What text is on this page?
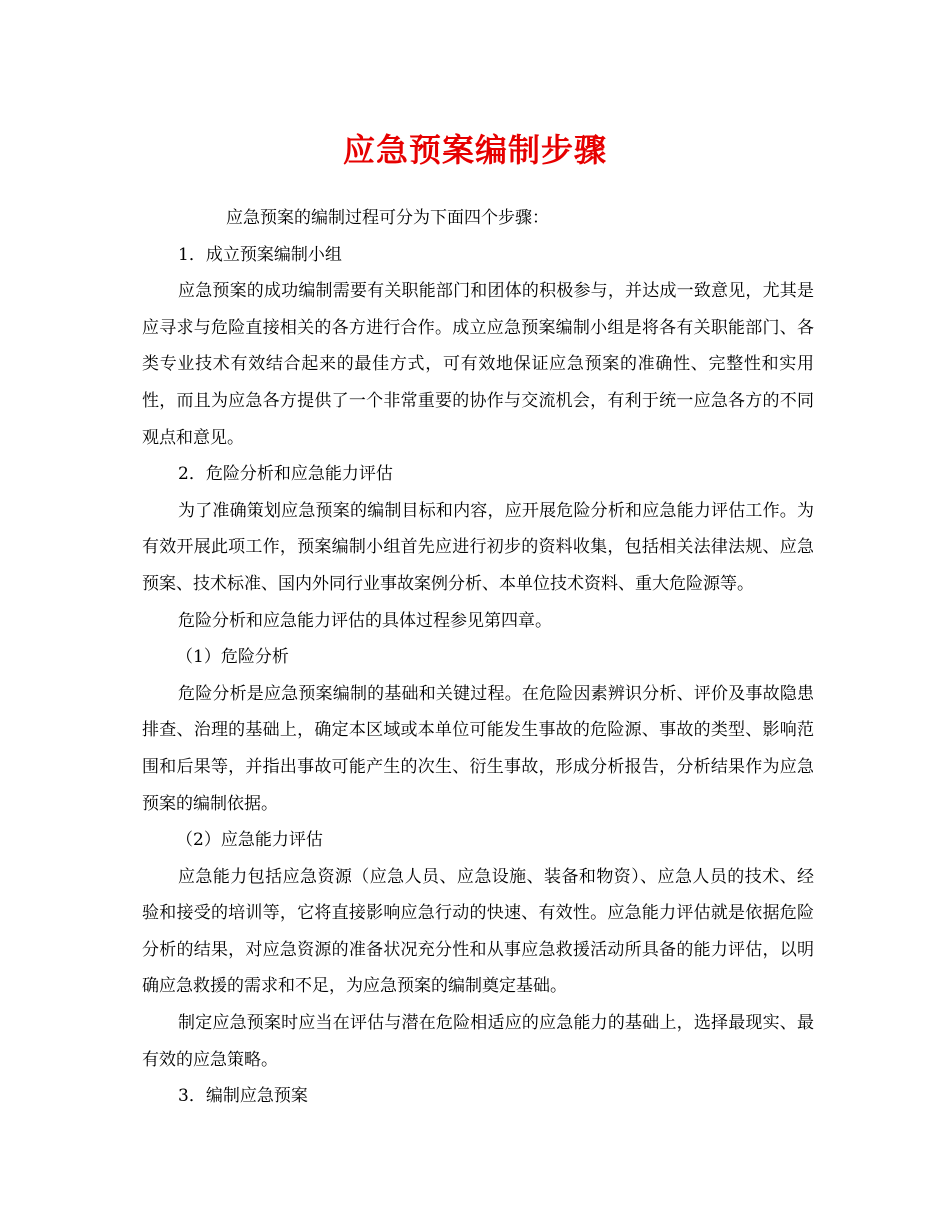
应急预案编制步骤

应急预案的编制过程可分为下面四个步骤：

1．成立预案编制小组

应急预案的成功编制需要有关职能部门和团体的积极参与，并达成一致意见，尤其是应寻求与危险直接相关的各方进行合作。成立应急预案编制小组是将各有关职能部门、各类专业技术有效结合起来的最佳方式，可有效地保证应急预案的准确性、完整性和实用性，而且为应急各方提供了一个非常重要的协作与交流机会，有利于统一应急各方的不同观点和意见。

2．危险分析和应急能力评估

为了准确策划应急预案的编制目标和内容，应开展危险分析和应急能力评估工作。为有效开展此项工作，预案编制小组首先应进行初步的资料收集，包括相关法律法规、应急预案、技术标准、国内外同行业事故案例分析、本单位技术资料、重大危险源等。

危险分析和应急能力评估的具体过程参见第四章。

（1）危险分析

危险分析是应急预案编制的基础和关键过程。在危险因素辨识分析、评价及事故隐患排查、治理的基础上，确定本区域或本单位可能发生事故的危险源、事故的类型、影响范围和后果等，并指出事故可能产生的次生、衍生事故，形成分析报告，分析结果作为应急预案的编制依据。

（2）应急能力评估

应急能力包括应急资源（应急人员、应急设施、装备和物资）、应急人员的技术、经验和接受的培训等，它将直接影响应急行动的快速、有效性。应急能力评估就是依据危险分析的结果，对应急资源的准备状况充分性和从事应急救援活动所具备的能力评估，以明确应急救援的需求和不足，为应急预案的编制奠定基础。

制定应急预案时应当在评估与潜在危险相适应的应急能力的基础上，选择最现实、最有效的应急策略。

3．编制应急预案
